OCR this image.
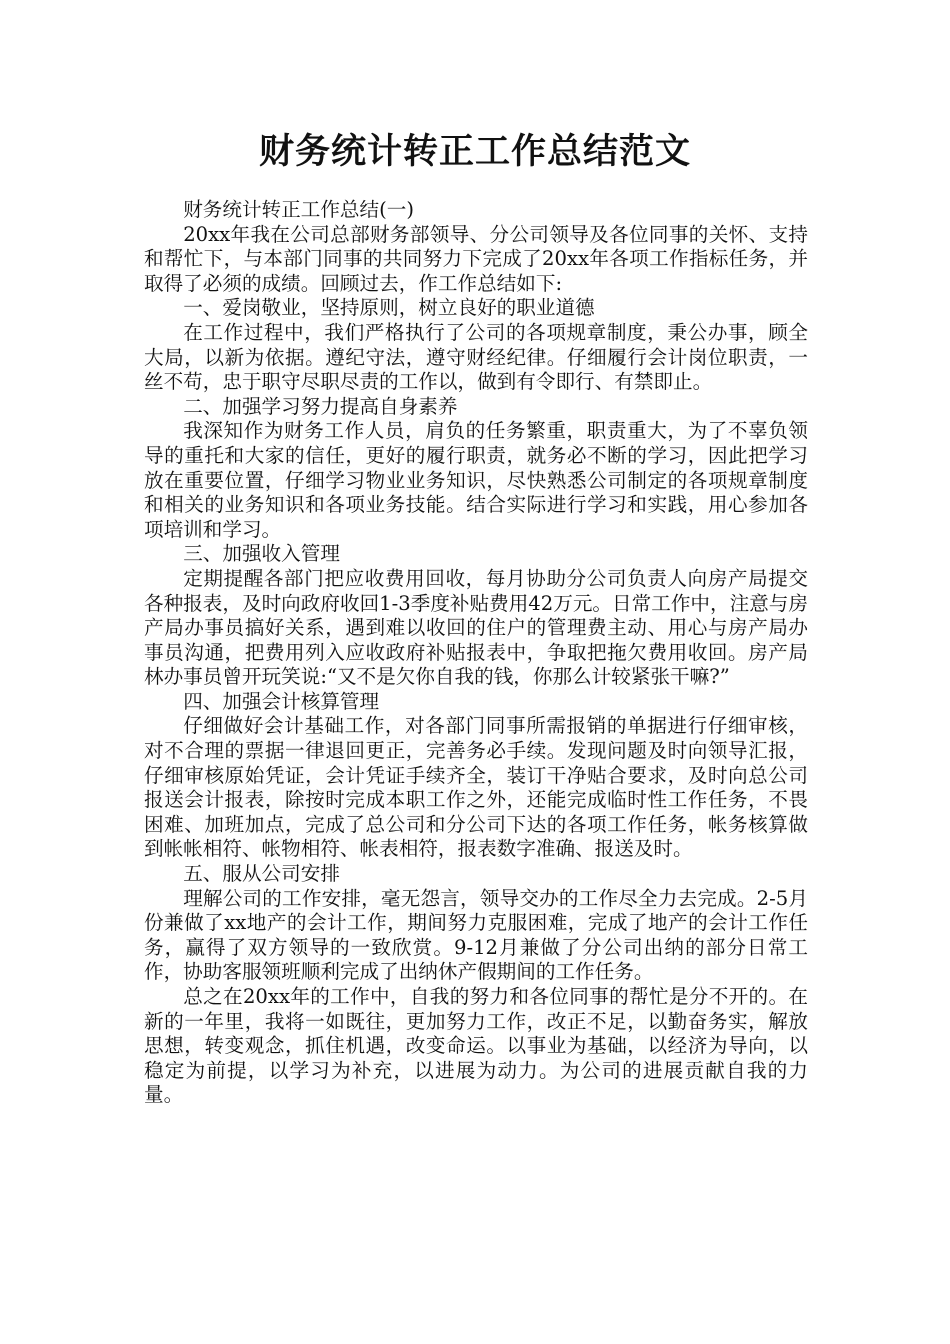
财务统计转正工作总结范文

财务统计转正工作总结(一)

20xx年我在公司总部财务部领导、分公司领导及各位同事的关怀、支持和帮忙下，与本部门同事的共同努力下完成了20xx年各项工作指标任务，并取得了必须的成绩。回顾过去，作工作总结如下:

一、爱岗敬业，坚持原则，树立良好的职业道德

在工作过程中，我们严格执行了公司的各项规章制度，秉公办事，顾全大局，以新为依据。遵纪守法，遵守财经纪律。仔细履行会计岗位职责，一丝不苟，忠于职守尽职尽责的工作以，做到有令即行、有禁即止。

二、加强学习努力提高自身素养

我深知作为财务工作人员，肩负的任务繁重，职责重大，为了不辜负领导的重托和大家的信任，更好的履行职责，就务必不断的学习，因此把学习放在重要位置，仔细学习物业业务知识，尽快熟悉公司制定的各项规章制度和相关的业务知识和各项业务技能。结合实际进行学习和实践，用心参加各项培训和学习。

三、加强收入管理

定期提醒各部门把应收费用回收，每月协助分公司负责人向房产局提交各种报表，及时向政府收回1-3季度补贴费用42万元。日常工作中，注意与房产局办事员搞好关系，遇到难以收回的住户的管理费主动、用心与房产局办事员沟通，把费用列入应收政府补贴报表中，争取把拖欠费用收回。房产局林办事员曾开玩笑说:“又不是欠你自我的钱，你那么计较紧张干嘛?”

四、加强会计核算管理

仔细做好会计基础工作，对各部门同事所需报销的单据进行仔细审核，对不合理的票据一律退回更正，完善务必手续。发现问题及时向领导汇报，仔细审核原始凭证，会计凭证手续齐全，装订干净贴合要求，及时向总公司报送会计报表，除按时完成本职工作之外，还能完成临时性工作任务，不畏困难、加班加点，完成了总公司和分公司下达的各项工作任务，帐务核算做到帐帐相符、帐物相符、帐表相符，报表数字准确、报送及时。

五、服从公司安排

理解公司的工作安排，毫无怨言，领导交办的工作尽全力去完成。2-5月份兼做了xx地产的会计工作，期间努力克服困难，完成了地产的会计工作任务，赢得了双方领导的一致欣赏。9-12月兼做了分公司出纳的部分日常工作，协助客服领班顺利完成了出纳休产假期间的工作任务。

总之在20xx年的工作中，自我的努力和各位同事的帮忙是分不开的。在新的一年里，我将一如既往，更加努力工作，改正不足，以勤奋务实，解放思想，转变观念，抓住机遇，改变命运。以事业为基础，以经济为导向，以稳定为前提，以学习为补充，以进展为动力。为公司的进展贡献自我的力量。
